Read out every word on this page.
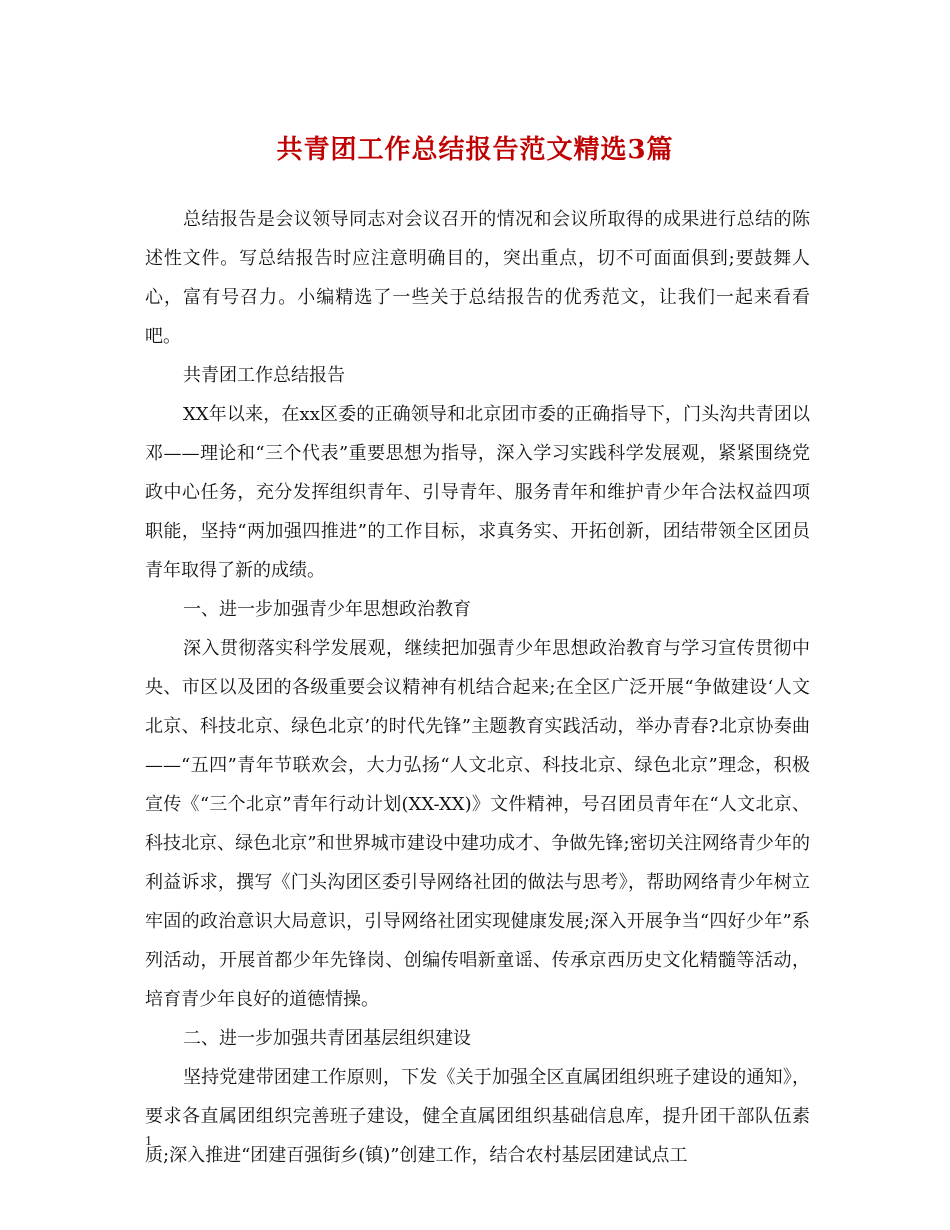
共青团工作总结报告范文精选3篇

总结报告是会议领导同志对会议召开的情况和会议所取得的成果进行总结的陈述性文件。写总结报告时应注意明确目的，突出重点，切不可面面俱到;要鼓舞人心，富有号召力。小编精选了一些关于总结报告的优秀范文，让我们一起来看看吧。

共青团工作总结报告

XX年以来，在xx区委的正确领导和北京团市委的正确指导下，门头沟共青团以邓——理论和“三个代表”重要思想为指导，深入学习实践科学发展观，紧紧围绕党政中心任务，充分发挥组织青年、引导青年、服务青年和维护青少年合法权益四项职能，坚持“两加强四推进”的工作目标，求真务实、开拓创新，团结带领全区团员青年取得了新的成绩。

一、进一步加强青少年思想政治教育

深入贯彻落实科学发展观，继续把加强青少年思想政治教育与学习宣传贯彻中央、市区以及团的各级重要会议精神有机结合起来;在全区广泛开展“争做建设‘人文北京、科技北京、绿色北京’的时代先锋”主题教育实践活动，举办青春?北京协奏曲——“五四”青年节联欢会，大力弘扬“人文北京、科技北京、绿色北京”理念，积极宣传《“三个北京”青年行动计划(XX-XX)》文件精神，号召团员青年在“人文北京、科技北京、绿色北京”和世界城市建设中建功成才、争做先锋;密切关注网络青少年的利益诉求，撰写《门头沟团区委引导网络社团的做法与思考》，帮助网络青少年树立牢固的政治意识大局意识，引导网络社团实现健康发展;深入开展争当“四好少年”系列活动，开展首都少年先锋岗、创编传唱新童谣、传承京西历史文化精髓等活动，培育青少年良好的道德情操。

二、进一步加强共青团基层组织建设

坚持党建带团建工作原则，下发《关于加强全区直属团组织班子建设的通知》，要求各直属团组织完善班子建设，健全直属团组织基础信息库，提升团干部队伍素质;深入推进“团建百强街乡(镇)”创建工作，结合农村基层团建试点工

1
